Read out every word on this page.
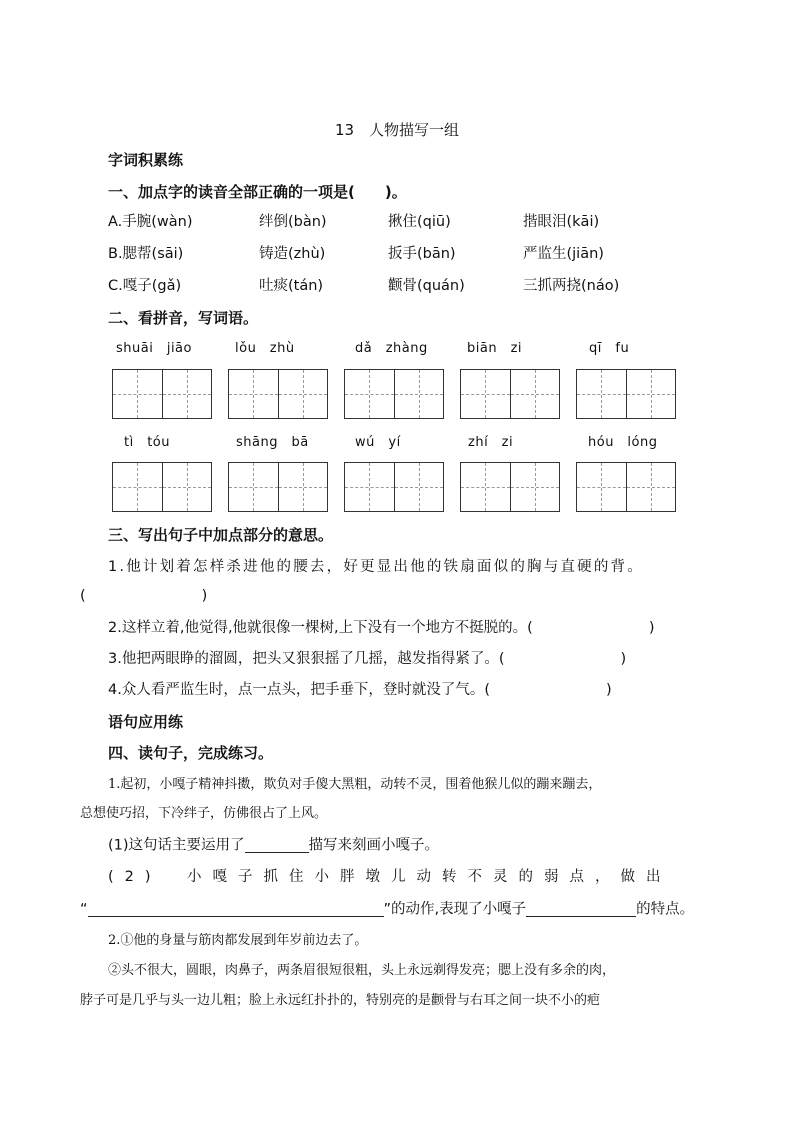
13　人物描写一组
字词积累练
一、加点字的读音全部正确的一项是(　　)。
A.手腕(wàn)	绊倒(bàn)	揪住(qiū)	揩眼泪(kāi)
B.腮帮(sāi)	铸造(zhù)	扳手(bān)	严监生(jiān)
C.嘎子(gǎ)	吐痰(tán)	颧骨(quán)	三抓两挠(náo)
二、看拼音，写词语。
shuāi　jiāo	lǒu　zhù	dǎ　zhàng	biān　zi	qī　fu
tì　tóu	shāng　bā	wú　yí	zhí　zi	hóu　lóng
三、写出句子中加点部分的意思。
1.他计划着怎样杀进他的腰去，好更显出他的铁扇面似的胸与直硬的背。
(　　　　　　　　)
2.这样立着,他觉得,他就很像一棵树,上下没有一个地方不挺脱的。(　　　　　　　　)
3.他把两眼睁的溜圆，把头又狠狠摇了几摇，越发指得紧了。(　　　　　　　　)
4.众人看严监生时，点一点头，把手垂下，登时就没了气。(　　　　　　　　)
语句应用练
四、读句子，完成练习。
1.起初，小嘎子精神抖擞，欺负对手傻大黑粗，动转不灵，围着他猴儿似的蹦来蹦去，
总想使巧招，下冷绊子，仿佛很占了上风。
(1)这句话主要运用了	描写来刻画小嘎子。
(2)　小嘎子抓住小胖墩儿动转不灵的弱点，做出
“	”的动作,表现了小嘎子	的特点。
2.①他的身量与筋肉都发展到年岁前边去了。
②头不很大，圆眼，肉鼻子，两条眉很短很粗，头上永远剃得发亮；腮上没有多余的肉，
脖子可是几乎与头一边儿粗；脸上永远红扑扑的，特别亮的是颧骨与右耳之间一块不小的疤
